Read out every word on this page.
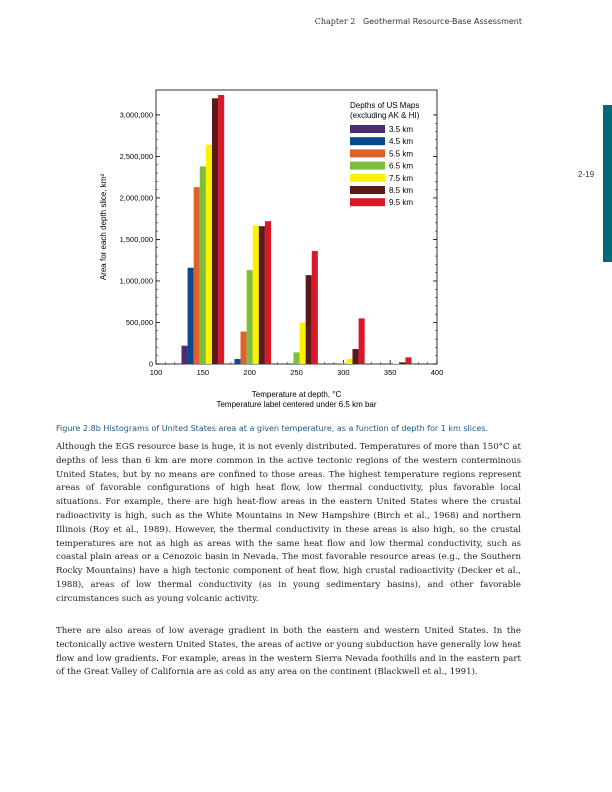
Chapter 2 Geothermal Resource-Base Assessment
2-19
0
500,000
1,000,000
1,500,000
2,000,000
2,500,000
3,000,000
100	150	200	250	300	350	400
Depths of US Maps
(excluding AK & HI)
3.5 km
4.5 km
5.5 km
6.5 km
7.5 km
8.5 km
9.5 km
Temperature at depth, °C
Temperature label centered under 6.5 km bar
Area for each depth slice, km²
Figure 2.8b Histograms of United States area at a given temperature, as a function of depth for 1 km slices.

Although the EGS resource base is huge, it is not evenly distributed. Temperatures of more than 150°C at depths of less than 6 km are more common in the active tectonic regions of the western conterminous United States, but by no means are confined to those areas. The highest temperature regions represent areas of favorable configurations of high heat flow, low thermal conductivity, plus favorable local situations. For example, there are high heat-flow areas in the eastern United States where the crustal radioactivity is high, such as the White Mountains in New Hampshire (Birch et al., 1968) and northern Illinois (Roy et al., 1989). However, the thermal conductivity in these areas is also high, so the crustal temperatures are not as high as areas with the same heat flow and low thermal conductivity, such as coastal plain areas or a Cenozoic basin in Nevada. The most favorable resource areas (e.g., the Southern Rocky Mountains) have a high tectonic component of heat flow, high crustal radioactivity (Decker et al., 1988), areas of low thermal conductivity (as in young sedimentary basins), and other favorable circumstances such as young volcanic activity.

There are also areas of low average gradient in both the eastern and western United States. In the tectonically active western United States, the areas of active or young subduction have generally low heat flow and low gradients. For example, areas in the western Sierra Nevada foothills and in the eastern part of the Great Valley of California are as cold as any area on the continent (Blackwell et al., 1991).
